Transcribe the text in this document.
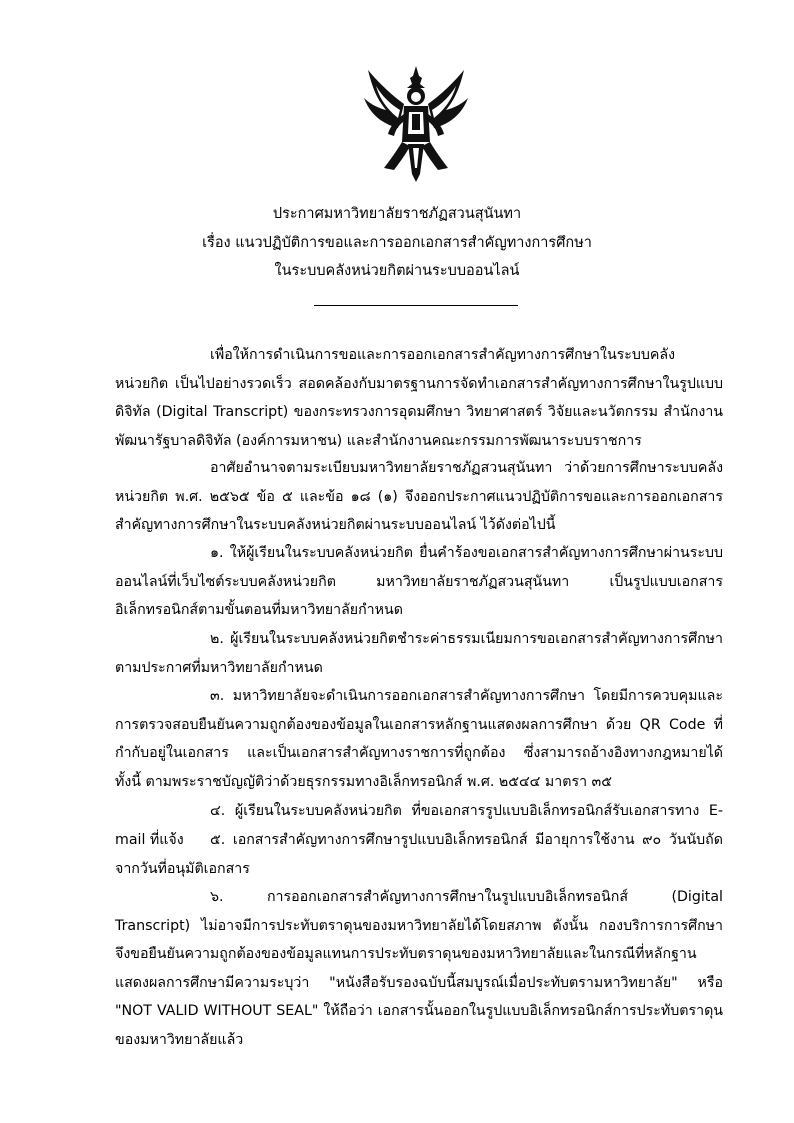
ประกาศมหาวิทยาลัยราชภัฏสวนสุนันทา
เรื่อง แนวปฏิบัติการขอและการออกเอกสารสำคัญทางการศึกษา
ในระบบคลังหน่วยกิตผ่านระบบออนไลน์

เพื่อให้การดำเนินการขอและการออกเอกสารสำคัญทางการศึกษาในระบบคลังหน่วยกิต เป็นไปอย่างรวดเร็ว สอดคล้องกับมาตรฐานการจัดทำเอกสารสำคัญทางการศึกษาในรูปแบบดิจิทัล (Digital Transcript) ของกระทรวงการอุดมศึกษา วิทยาศาสตร์ วิจัยและนวัตกรรม สำนักงานพัฒนารัฐบาลดิจิทัล (องค์การมหาชน) และสำนักงานคณะกรรมการพัฒนาระบบราชการ

อาศัยอำนาจตามระเบียบมหาวิทยาลัยราชภัฏสวนสุนันทา ว่าด้วยการศึกษาระบบคลังหน่วยกิต พ.ศ. ๒๕๖๕ ข้อ ๕ และข้อ ๑๘ (๑) จึงออกประกาศแนวปฏิบัติการขอและการออกเอกสารสำคัญทางการศึกษาในระบบคลังหน่วยกิตผ่านระบบออนไลน์ ไว้ดังต่อไปนี้

๑. ให้ผู้เรียนในระบบคลังหน่วยกิต ยื่นคำร้องขอเอกสารสำคัญทางการศึกษาผ่านระบบออนไลน์ที่เว็บไซต์ระบบคลังหน่วยกิต มหาวิทยาลัยราชภัฏสวนสุนันทา เป็นรูปแบบเอกสารอิเล็กทรอนิกส์ตามขั้นตอนที่มหาวิทยาลัยกำหนด

๒. ผู้เรียนในระบบคลังหน่วยกิตชำระค่าธรรมเนียมการขอเอกสารสำคัญทางการศึกษาตามประกาศที่มหาวิทยาลัยกำหนด

๓. มหาวิทยาลัยจะดำเนินการออกเอกสารสำคัญทางการศึกษา โดยมีการควบคุมและการตรวจสอบยืนยันความถูกต้องของข้อมูลในเอกสารหลักฐานแสดงผลการศึกษา ด้วย QR Code ที่กำกับอยู่ในเอกสาร และเป็นเอกสารสำคัญทางราชการที่ถูกต้อง ซึ่งสามารถอ้างอิงทางกฎหมายได้ ทั้งนี้ ตามพระราชบัญญัติว่าด้วยธุรกรรมทางอิเล็กทรอนิกส์ พ.ศ. ๒๕๔๔ มาตรา ๓๕

๔. ผู้เรียนในระบบคลังหน่วยกิต ที่ขอเอกสารรูปแบบอิเล็กทรอนิกส์รับเอกสารทาง E-mail ที่แจ้ง	๕. เอกสารสำคัญทางการศึกษารูปแบบอิเล็กทรอนิกส์ มีอายุการใช้งาน ๙๐ วันนับถัดจากวันที่อนุมัติเอกสาร

๖. การออกเอกสารสำคัญทางการศึกษาในรูปแบบอิเล็กทรอนิกส์ (Digital Transcript) ไม่อาจมีการประทับตราดุนของมหาวิทยาลัยได้โดยสภาพ ดังนั้น กองบริการการศึกษา จึงขอยืนยันความถูกต้องของข้อมูลแทนการประทับตราดุนของมหาวิทยาลัยและในกรณีที่หลักฐานแสดงผลการศึกษามีความระบุว่า "หนังสือรับรองฉบับนี้สมบูรณ์เมื่อประทับตรามหาวิทยาลัย" หรือ "NOT VALID WITHOUT SEAL" ให้ถือว่า เอกสารนั้นออกในรูปแบบอิเล็กทรอนิกส์การประทับตราดุนของมหาวิทยาลัยแล้ว
